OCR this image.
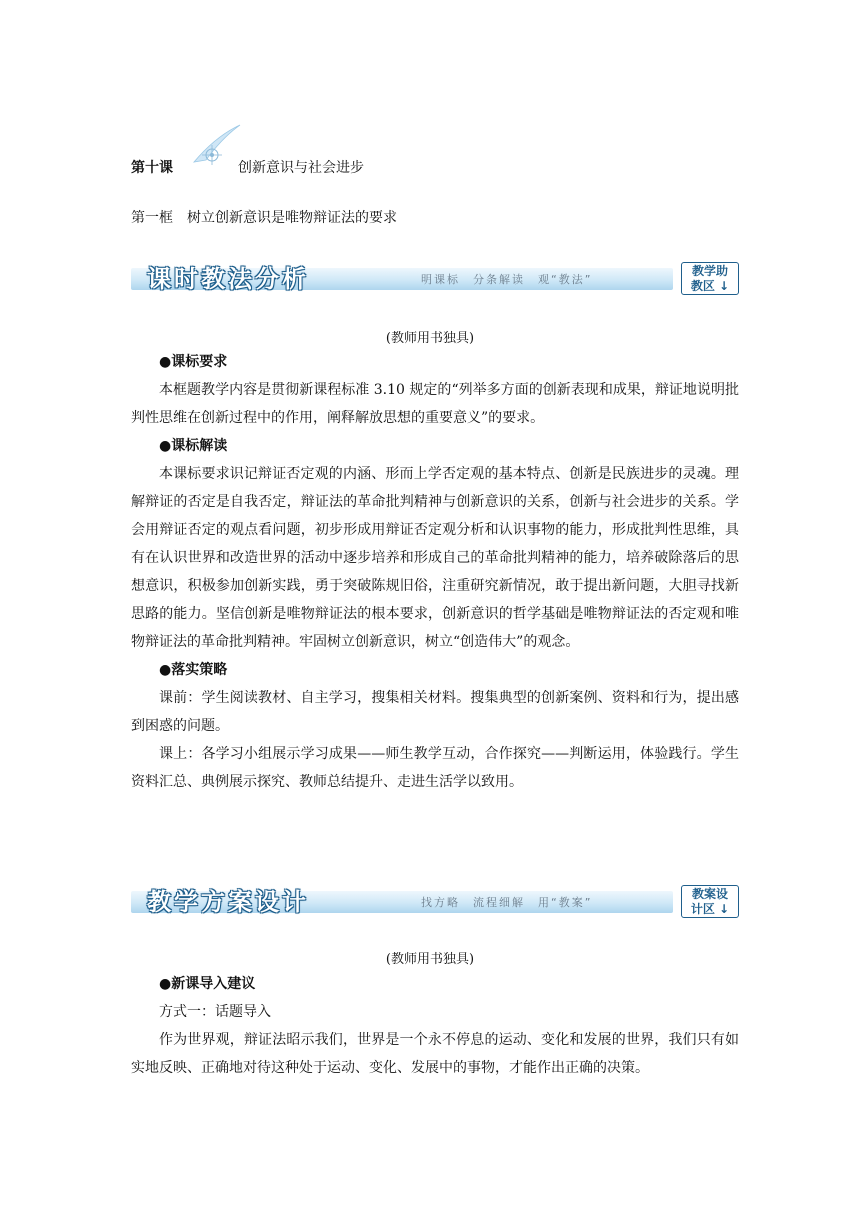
第十课	创新意识与社会进步
第一框　树立创新意识是唯物辩证法的要求
课时教法分析	明课标　分条解读　观“教法”
教学助
教区 ↓
(教师用书独具)

●课标要求

本框题教学内容是贯彻新课程标准 3.10 规定的“列举多方面的创新表现和成果，辩证地说明批判性思维在创新过程中的作用，阐释解放思想的重要意义”的要求。

●课标解读

本课标要求识记辩证否定观的内涵、形而上学否定观的基本特点、创新是民族进步的灵魂。理解辩证的否定是自我否定，辩证法的革命批判精神与创新意识的关系，创新与社会进步的关系。学会用辩证否定的观点看问题，初步形成用辩证否定观分析和认识事物的能力，形成批判性思维，具有在认识世界和改造世界的活动中逐步培养和形成自己的革命批判精神的能力，培养破除落后的思想意识，积极参加创新实践，勇于突破陈规旧俗，注重研究新情况，敢于提出新问题，大胆寻找新思路的能力。坚信创新是唯物辩证法的根本要求，创新意识的哲学基础是唯物辩证法的否定观和唯物辩证法的革命批判精神。牢固树立创新意识，树立“创造伟大”的观念。

●落实策略

课前：学生阅读教材、自主学习，搜集相关材料。搜集典型的创新案例、资料和行为，提出感到困惑的问题。

课上：各学习小组展示学习成果——师生教学互动，合作探究——判断运用，体验践行。学生资料汇总、典例展示探究、教师总结提升、走进生活学以致用。

教学方案设计	找方略　流程细解　用“教案”
教案设
计区 ↓
(教师用书独具)

●新课导入建议

方式一：话题导入

作为世界观，辩证法昭示我们，世界是一个永不停息的运动、变化和发展的世界，我们只有如实地反映、正确地对待这种处于运动、变化、发展中的事物，才能作出正确的决策。
